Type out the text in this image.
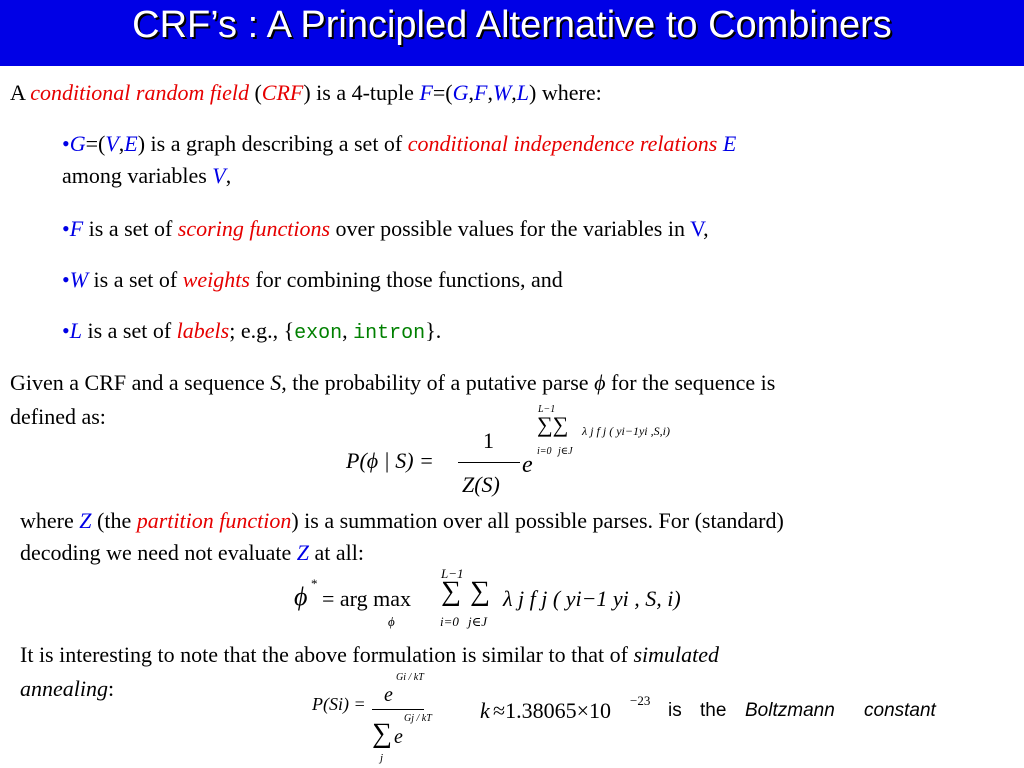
CRF’s : A Principled Alternative to Combiners
A conditional random field (CRF) is a 4-tuple F=(G,F,W,L) where:
•G=(V,E) is a graph describing a set of conditional independence relations E
among variables V,
•F is a set of scoring functions over possible values for the variables in V,
•W is a set of weights for combining those functions, and
•L is a set of labels; e.g., {exon, intron}.
Given a CRF and a sequence S, the probability of a putative parse ϕ for the sequence is
defined as:
P(ϕ | S) =
1
Z(S)
e
L−1
∑∑
i=0 j∈J
λ j f j ( yi−1yi ,S,i)
where Z (the partition function) is a summation over all possible parses. For (standard)
decoding we need not evaluate Z at all:
ϕ *
= arg max
ϕ
L−1
∑ ∑
i=0 j∈J
λ j f j ( yi−1 yi , S, i)
It is interesting to note that the above formulation is similar to that of simulated
annealing:
P(Si) = e
Gi / kT
∑ e
Gj / kT
j
k ≈1.38065×10 −23 is the Boltzmann constant
